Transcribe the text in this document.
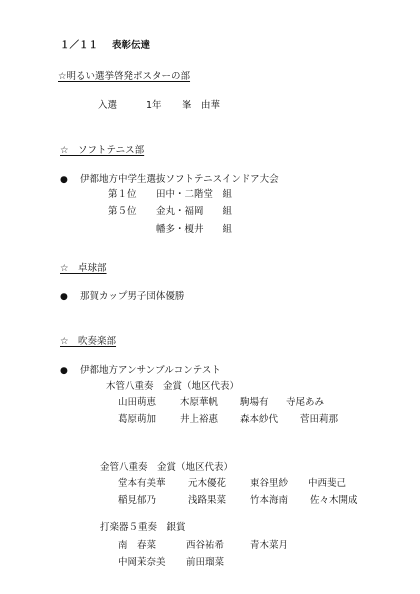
１／１１ 表彰伝達
☆明るい選挙啓発ポスターの部
入選	1年 峯　由華
☆　ソフトテニス部
● 伊都地方中学生選抜ソフトテニスインドア大会
第１位 田中・二階堂　組
第５位 金丸・福岡　　組
幡多・榎井　　組
☆　卓球部
● 那賀カップ男子団体優勝
☆　吹奏楽部
● 伊都地方アンサンブルコンテスト
木管八重奏　金賞（地区代表）
山田萌恵	木原華帆 駒場有 寺尾あみ
葛原萌加	井上裕惠 森本紗代 菅田莉那
金管八重奏　金賞（地区代表）
堂本有美華 元木優花	東谷里紗 中西斐己
稲見郁乃	浅路果菜	竹本海南 佐々木開成
打楽器５重奏　銀賞
南　春菜	西谷祐希	青木菜月
中岡茉奈美 前田瑠菜
